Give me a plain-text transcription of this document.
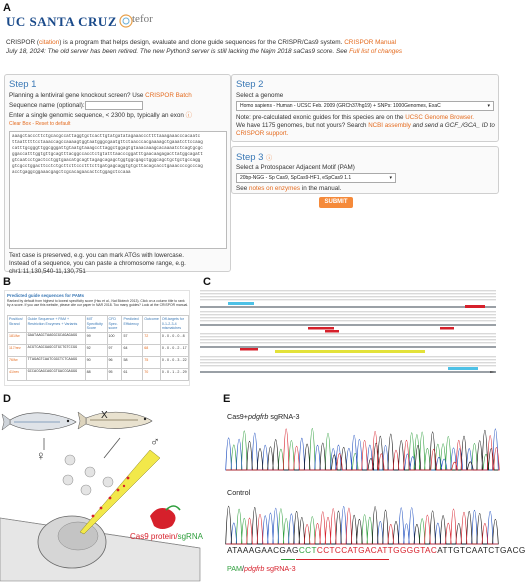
A
UC SANTA CRUZ tefor
CRISPOR (citation) is a program that helps design, evaluate and clone guide sequences for the CRISPR/Cas9 system. CRISPOR Manual
July 18, 2024: The old server has been retired. The new Python3 server is still lacking the Najm 2018 saCas9 score. See Full list of changes
Step 1
Planning a lentiviral gene knockout screen? Use CRISPOR Batch
Sequence name (optional):
Enter a single genomic sequence, < 2300 bp, typically an exon ⓘ
Clear Box - Reset to default
aaagctacccttctgcacgccattaggtgctcacttgtatgatatagaaacccttttaaagaaacccacaatc
ttaatttttcctaaaccagccaaaagtggtaatgggcgaatgttctaacccacgaaaagctgaaatcttccaag
catttgcgggttggcgggattgtaatgtaaagccttaggctggagtgtaaacaaagcacaaaatctcagtgcgc
ggaccatttggtgttgcagtttacggccacctctgtatttaacccggatttgaacaagagacttatggcagatt
gtcaatcctgactcctggtgaacatgcagttagagcagagctggtggcgagctgggcagctgctgctgccagg
gtcgcctggacttcctctgcttcttccctttcttgatgagcaggtgtgcttacagcacctgaaaccccgcccag
acctgaggcggaaacgagctcgcacagaacactctggagctccaaa
Text case is preserved, e.g. you can mark ATGs with lowercase.
Instead of a sequence, you can paste a chromosome range, e.g. chr1:11,130,540-11,130,751
Step 2
Select a genome
Homo sapiens - Human - UCSC Feb. 2009 (GRCh37/hg19) + SNPs: 1000Genomes, ExaC	▾
Note: pre-calculated exonic guides for this species are on the UCSC Genome Browser.
We have 1175 genomes, but not yours? Search NCBI assembly and send a GCF_/GCA_ ID to CRISPOR support.
Step 3 ⓘ
Select a Protospacer Adjacent Motif (PAM)
20bp-NGG - Sp Cas9, SpCas9-HF1, eSpCas9 1.1	▾
See notes on enzymes in the manual.
SUBMIT
B
Predicted guide sequences for PAMs
Ranked by default from highest to lowest specificity score (Hsu et al., Nat Biotech 2013). Click on a column title to rank by a score. If you use this website, please cite our paper in NAR 2018. Too many guides? Look at the CRISPOR manual.
Position/ Strand	Guide Sequence + PAM + Restriction Enzymes + Variants	MIT Specificity Score	CFD Spec. score	Predicted Efficiency	Outcome	Off-targets for 0-1-2-3-4 mismatches
181/fw	GAATAAGCTAAGGCGCAGAGAGG	99	100	57	72	0 - 0 - 0 - 0 - 8
117/rev	ACGTCAGCGAGCGTGCTGTCCGG	92	97	64	68	0 - 0 - 0 - 2 - 17
76/fw	TTAGAGTCAATCGGCTCTCAAGG	90	96	58	75	0 - 0 - 0 - 3 - 22
41/rev	GCCACGAGCAGCGTGACCGAGGG	88	95	61	70	0 - 0 - 1 - 2 - 29
C
D
X
♀
♂
Cas9 protein/sgRNA
E
Cas9+pdgfrb sgRNA-3
Control
ATAAAGAACGAGCCTCCTCCATGACATTGGGGTACATTGTCAATCTGACG
PAM/pdgfrb sgRNA-3
